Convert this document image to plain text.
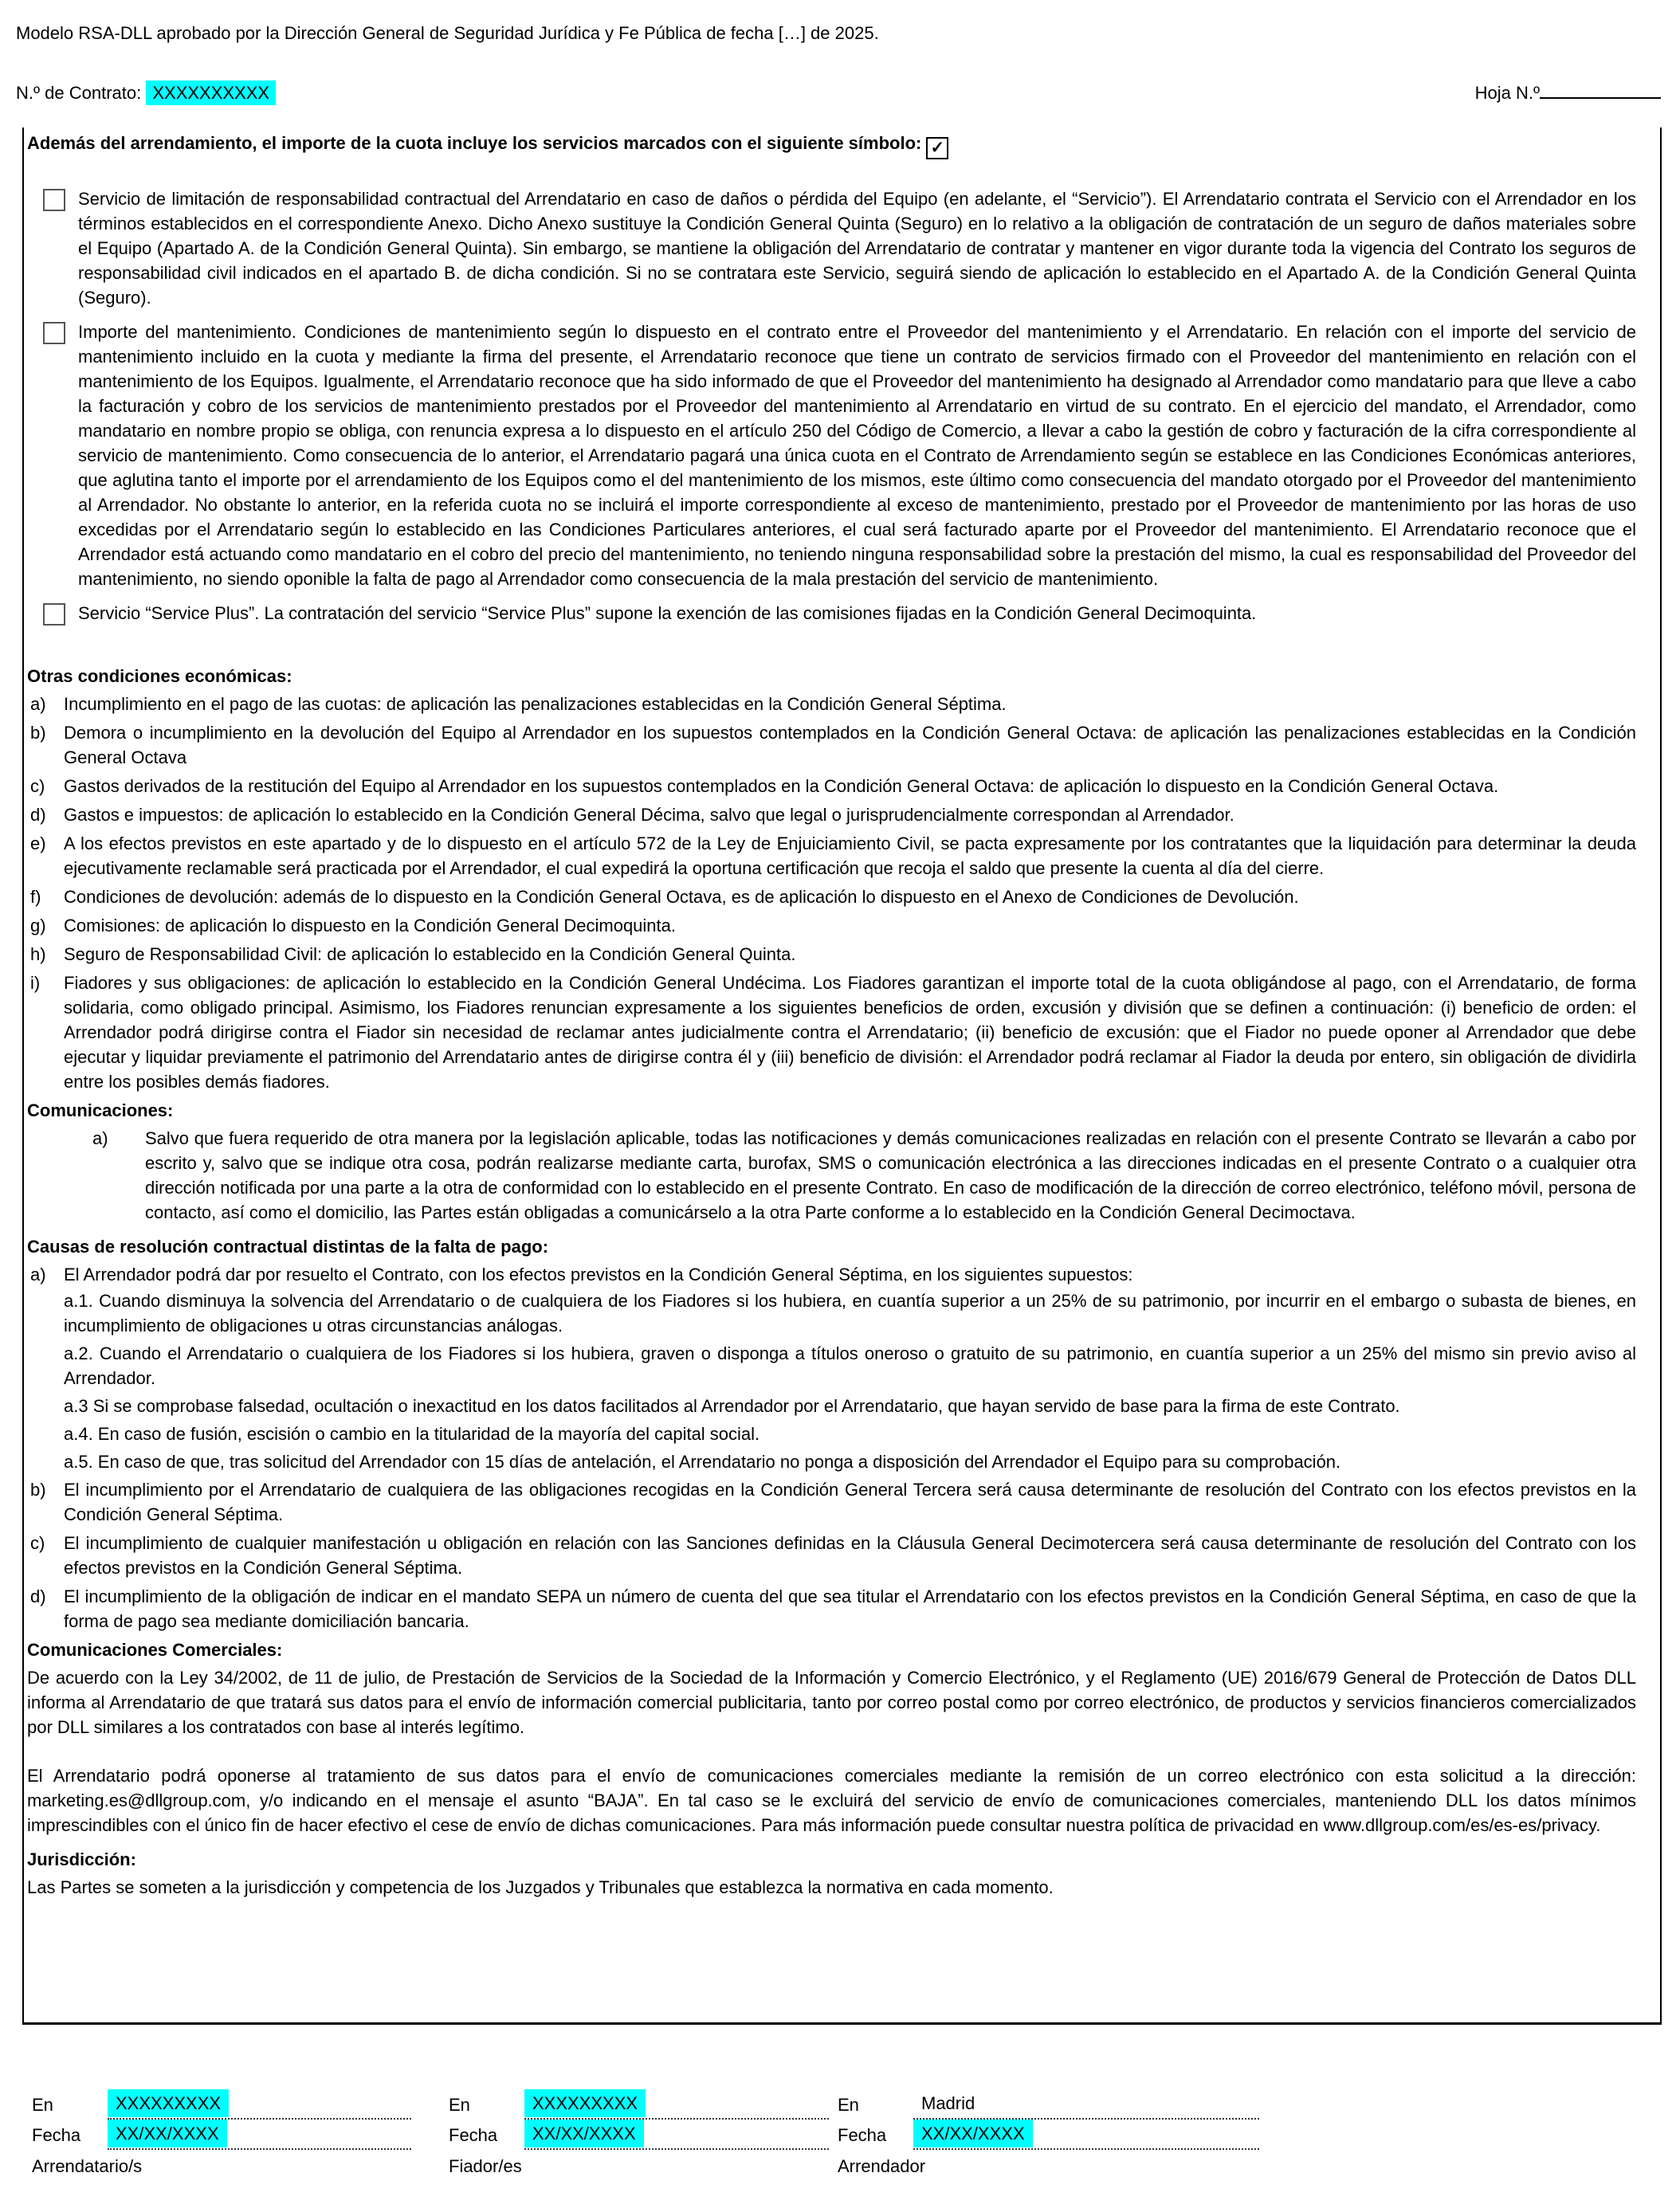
Modelo RSA-DLL aprobado por la Dirección General de Seguridad Jurídica y Fe Pública de fecha […] de 2025.
N.º de Contrato: XXXXXXXXXX	Hoja N.º
Además del arrendamiento, el importe de la cuota incluye los servicios marcados con el siguiente símbolo: ✓
Servicio de limitación de responsabilidad contractual del Arrendatario en caso de daños o pérdida del Equipo (en adelante, el “Servicio”). El Arrendatario contrata el Servicio con el Arrendador en los términos establecidos en el correspondiente Anexo. Dicho Anexo sustituye la Condición General Quinta (Seguro) en lo relativo a la obligación de contratación de un seguro de daños materiales sobre el Equipo (Apartado A. de la Condición General Quinta). Sin embargo, se mantiene la obligación del Arrendatario de contratar y mantener en vigor durante toda la vigencia del Contrato los seguros de responsabilidad civil indicados en el apartado B. de dicha condición. Si no se contratara este Servicio, seguirá siendo de aplicación lo establecido en el Apartado A. de la Condición General Quinta (Seguro).
Importe del mantenimiento. Condiciones de mantenimiento según lo dispuesto en el contrato entre el Proveedor del mantenimiento y el Arrendatario. En relación con el importe del servicio de mantenimiento incluido en la cuota y mediante la firma del presente, el Arrendatario reconoce que tiene un contrato de servicios firmado con el Proveedor del mantenimiento en relación con el mantenimiento de los Equipos. Igualmente, el Arrendatario reconoce que ha sido informado de que el Proveedor del mantenimiento ha designado al Arrendador como mandatario para que lleve a cabo la facturación y cobro de los servicios de mantenimiento prestados por el Proveedor del mantenimiento al Arrendatario en virtud de su contrato. En el ejercicio del mandato, el Arrendador, como mandatario en nombre propio se obliga, con renuncia expresa a lo dispuesto en el artículo 250 del Código de Comercio, a llevar a cabo la gestión de cobro y facturación de la cifra correspondiente al servicio de mantenimiento. Como consecuencia de lo anterior, el Arrendatario pagará una única cuota en el Contrato de Arrendamiento según se establece en las Condiciones Económicas anteriores, que aglutina tanto el importe por el arrendamiento de los Equipos como el del mantenimiento de los mismos, este último como consecuencia del mandato otorgado por el Proveedor del mantenimiento al Arrendador. No obstante lo anterior, en la referida cuota no se incluirá el importe correspondiente al exceso de mantenimiento, prestado por el Proveedor de mantenimiento por las horas de uso excedidas por el Arrendatario según lo establecido en las Condiciones Particulares anteriores, el cual será facturado aparte por el Proveedor del mantenimiento. El Arrendatario reconoce que el Arrendador está actuando como mandatario en el cobro del precio del mantenimiento, no teniendo ninguna responsabilidad sobre la prestación del mismo, la cual es responsabilidad del Proveedor del mantenimiento, no siendo oponible la falta de pago al Arrendador como consecuencia de la mala prestación del servicio de mantenimiento.
Servicio “Service Plus”. La contratación del servicio “Service Plus” supone la exención de las comisiones fijadas en la Condición General Decimoquinta.
Otras condiciones económicas:
a)	Incumplimiento en el pago de las cuotas: de aplicación las penalizaciones establecidas en la Condición General Séptima.
b)	Demora o incumplimiento en la devolución del Equipo al Arrendador en los supuestos contemplados en la Condición General Octava: de aplicación las penalizaciones establecidas en la Condición General Octava
c)	Gastos derivados de la restitución del Equipo al Arrendador en los supuestos contemplados en la Condición General Octava: de aplicación lo dispuesto en la Condición General Octava.
d)	Gastos e impuestos: de aplicación lo establecido en la Condición General Décima, salvo que legal o jurisprudencialmente correspondan al Arrendador.
e)	A los efectos previstos en este apartado y de lo dispuesto en el artículo 572 de la Ley de Enjuiciamiento Civil, se pacta expresamente por los contratantes que la liquidación para determinar la deuda ejecutivamente reclamable será practicada por el Arrendador, el cual expedirá la oportuna certificación que recoja el saldo que presente la cuenta al día del cierre.
f)	Condiciones de devolución: además de lo dispuesto en la Condición General Octava, es de aplicación lo dispuesto en el Anexo de Condiciones de Devolución.
g)	Comisiones: de aplicación lo dispuesto en la Condición General Decimoquinta.
h)	Seguro de Responsabilidad Civil: de aplicación lo establecido en la Condición General Quinta.
i)	Fiadores y sus obligaciones: de aplicación lo establecido en la Condición General Undécima. Los Fiadores garantizan el importe total de la cuota obligándose al pago, con el Arrendatario, de forma solidaria, como obligado principal. Asimismo, los Fiadores renuncian expresamente a los siguientes beneficios de orden, excusión y división que se definen a continuación: (i) beneficio de orden: el Arrendador podrá dirigirse contra el Fiador sin necesidad de reclamar antes judicialmente contra el Arrendatario; (ii) beneficio de excusión: que el Fiador no puede oponer al Arrendador que debe ejecutar y liquidar previamente el patrimonio del Arrendatario antes de dirigirse contra él y (iii) beneficio de división: el Arrendador podrá reclamar al Fiador la deuda por entero, sin obligación de dividirla entre los posibles demás fiadores.
Comunicaciones:
a)	Salvo que fuera requerido de otra manera por la legislación aplicable, todas las notificaciones y demás comunicaciones realizadas en relación con el presente Contrato se llevarán a cabo por escrito y, salvo que se indique otra cosa, podrán realizarse mediante carta, burofax, SMS o comunicación electrónica a las direcciones indicadas en el presente Contrato o a cualquier otra dirección notificada por una parte a la otra de conformidad con lo establecido en el presente Contrato. En caso de modificación de la dirección de correo electrónico, teléfono móvil, persona de contacto, así como el domicilio, las Partes están obligadas a comunicárselo a la otra Parte conforme a lo establecido en la Condición General Decimoctava.
Causas de resolución contractual distintas de la falta de pago:
a)	El Arrendador podrá dar por resuelto el Contrato, con los efectos previstos en la Condición General Séptima, en los siguientes supuestos:
a.1. Cuando disminuya la solvencia del Arrendatario o de cualquiera de los Fiadores si los hubiera, en cuantía superior a un 25% de su patrimonio, por incurrir en el embargo o subasta de bienes, en incumplimiento de obligaciones u otras circunstancias análogas.
a.2. Cuando el Arrendatario o cualquiera de los Fiadores si los hubiera, graven o disponga a títulos oneroso o gratuito de su patrimonio, en cuantía superior a un 25% del mismo sin previo aviso al Arrendador.
a.3 Si se comprobase falsedad, ocultación o inexactitud en los datos facilitados al Arrendador por el Arrendatario, que hayan servido de base para la firma de este Contrato.
a.4. En caso de fusión, escisión o cambio en la titularidad de la mayoría del capital social.
a.5. En caso de que, tras solicitud del Arrendador con 15 días de antelación, el Arrendatario no ponga a disposición del Arrendador el Equipo para su comprobación.
b)	El incumplimiento por el Arrendatario de cualquiera de las obligaciones recogidas en la Condición General Tercera será causa determinante de resolución del Contrato con los efectos previstos en la Condición General Séptima.
c)	El incumplimiento de cualquier manifestación u obligación en relación con las Sanciones definidas en la Cláusula General Decimotercera será causa determinante de resolución del Contrato con los efectos previstos en la Condición General Séptima.
d)	El incumplimiento de la obligación de indicar en el mandato SEPA un número de cuenta del que sea titular el Arrendatario con los efectos previstos en la Condición General Séptima, en caso de que la forma de pago sea mediante domiciliación bancaria.
Comunicaciones Comerciales:
De acuerdo con la Ley 34/2002, de 11 de julio, de Prestación de Servicios de la Sociedad de la Información y Comercio Electrónico, y el Reglamento (UE) 2016/679 General de Protección de Datos DLL informa al Arrendatario de que tratará sus datos para el envío de información comercial publicitaria, tanto por correo postal como por correo electrónico, de productos y servicios financieros comercializados por DLL similares a los contratados con base al interés legítimo.
El Arrendatario podrá oponerse al tratamiento de sus datos para el envío de comunicaciones comerciales mediante la remisión de un correo electrónico con esta solicitud a la dirección: marketing.es@dllgroup.com, y/o indicando en el mensaje el asunto “BAJA”. En tal caso se le excluirá del servicio de envío de comunicaciones comerciales, manteniendo DLL los datos mínimos imprescindibles con el único fin de hacer efectivo el cese de envío de dichas comunicaciones. Para más información puede consultar nuestra política de privacidad en www.dllgroup.com/es/es-es/privacy.
Jurisdicción:
Las Partes se someten a la jurisdicción y competencia de los Juzgados y Tribunales que establezca la normativa en cada momento.
En	XXXXXXXXX
Fecha	XX/XX/XXXX
Arrendatario/s
En	XXXXXXXXX
Fecha	XX/XX/XXXX
Fiador/es
En	Madrid
Fecha	XX/XX/XXXX
Arrendador
